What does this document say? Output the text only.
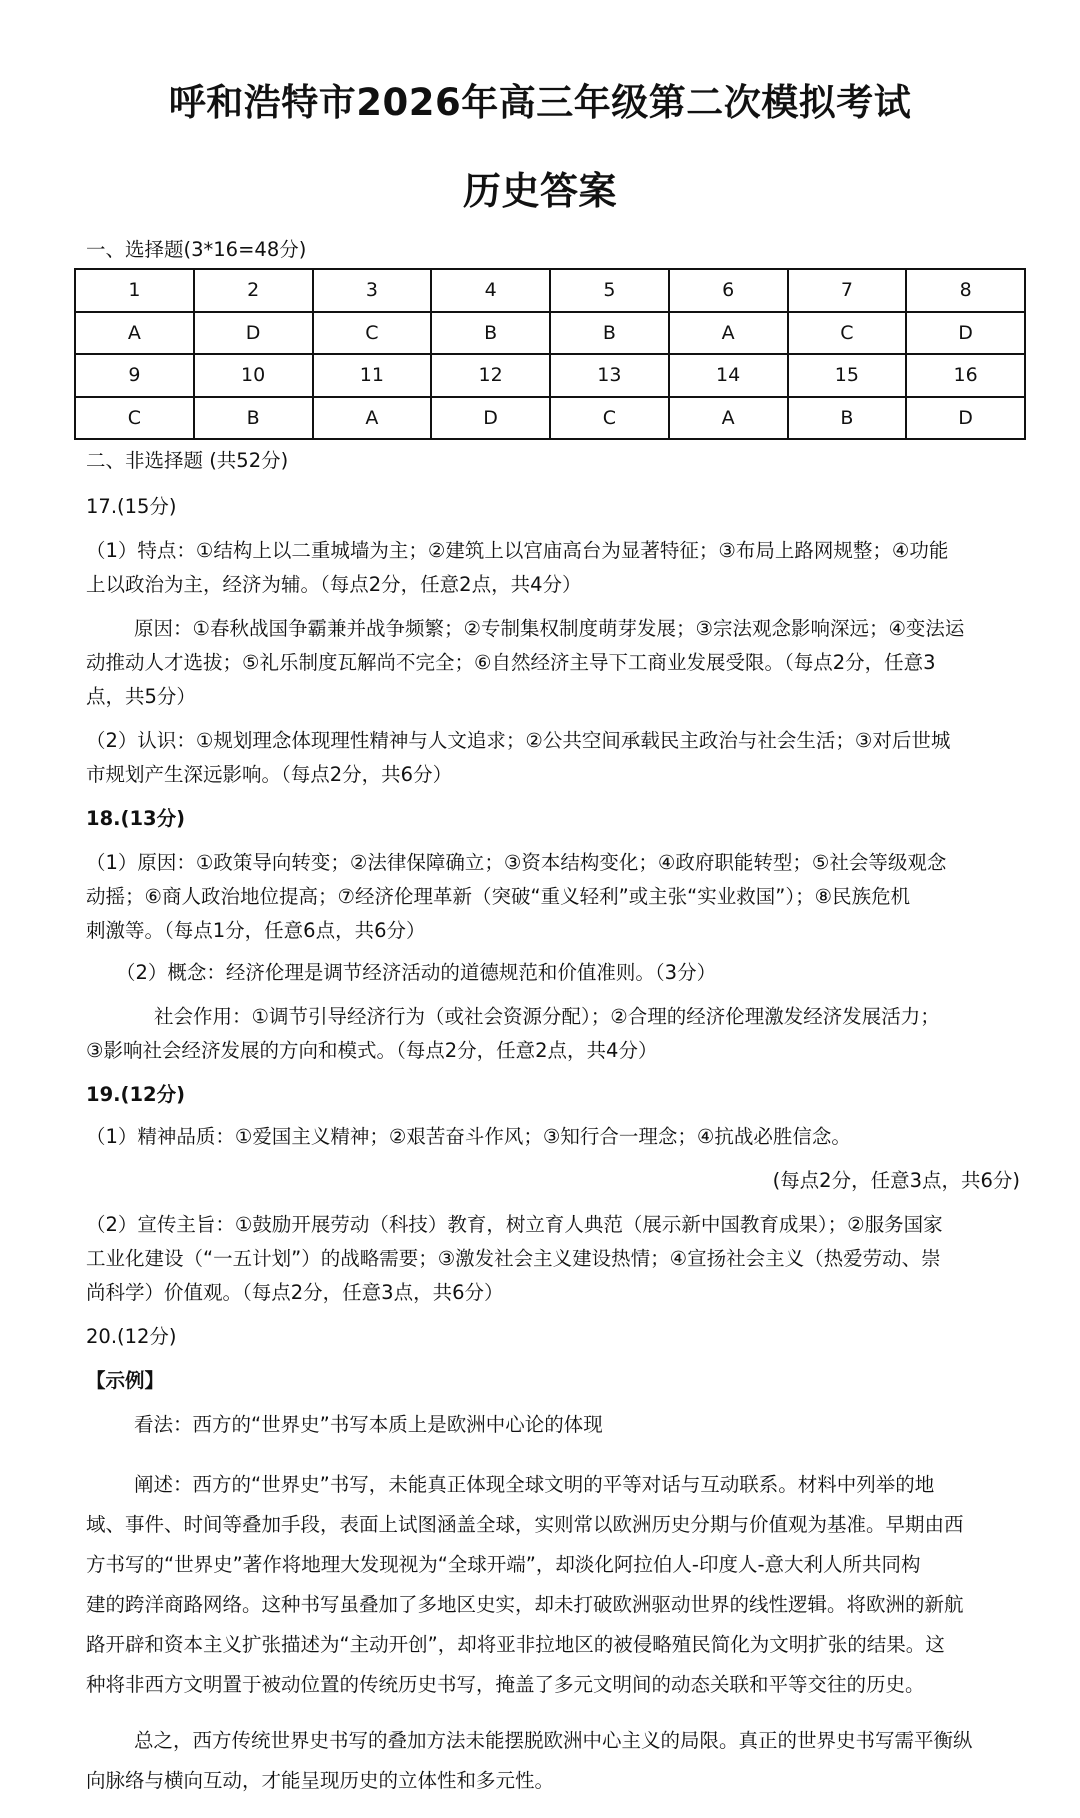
呼和浩特市2026年高三年级第二次模拟考试
历史答案
一、选择题(3*16=48分)
1	2	3	4	5	6	7	8
A	D	C	B	B	A	C	D
9	10	11	12	13	14	15	16
C	B	A	D	C	A	B	D
二、非选择题 (共52分)
17.(15分)
（1）特点：①结构上以二重城墙为主；②建筑上以宫庙高台为显著特征；③布局上路网规整；④功能
上以政治为主，经济为辅。（每点2分，任意2点，共4分）
原因：①春秋战国争霸兼并战争频繁；②专制集权制度萌芽发展；③宗法观念影响深远；④变法运
动推动人才选拔；⑤礼乐制度瓦解尚不完全；⑥自然经济主导下工商业发展受限。（每点2分，任意3
点，共5分）
（2）认识：①规划理念体现理性精神与人文追求；②公共空间承载民主政治与社会生活；③对后世城
市规划产生深远影响。（每点2分，共6分）
18.(13分)
（1）原因：①政策导向转变；②法律保障确立；③资本结构变化；④政府职能转型；⑤社会等级观念
动摇；⑥商人政治地位提高；⑦经济伦理革新（突破“重义轻利”或主张“实业救国”）；⑧民族危机
刺激等。（每点1分，任意6点，共6分）
（2）概念：经济伦理是调节经济活动的道德规范和价值准则。（3分）
社会作用：①调节引导经济行为（或社会资源分配）；②合理的经济伦理激发经济发展活力；
③影响社会经济发展的方向和模式。（每点2分，任意2点，共4分）
19.(12分)
（1）精神品质：①爱国主义精神；②艰苦奋斗作风；③知行合一理念；④抗战必胜信念。
(每点2分，任意3点，共6分)
（2）宣传主旨：①鼓励开展劳动（科技）教育，树立育人典范（展示新中国教育成果）；②服务国家
工业化建设（“一五计划”）的战略需要；③激发社会主义建设热情；④宣扬社会主义（热爱劳动、崇
尚科学）价值观。（每点2分，任意3点，共6分）
20.(12分)
【示例】
看法：西方的“世界史”书写本质上是欧洲中心论的体现
阐述：西方的“世界史”书写，未能真正体现全球文明的平等对话与互动联系。材料中列举的地
域、事件、时间等叠加手段，表面上试图涵盖全球，实则常以欧洲历史分期与价值观为基准。早期由西
方书写的“世界史”著作将地理大发现视为“全球开端”，却淡化阿拉伯人-印度人-意大利人所共同构
建的跨洋商路网络。这种书写虽叠加了多地区史实，却未打破欧洲驱动世界的线性逻辑。将欧洲的新航
路开辟和资本主义扩张描述为“主动开创”，却将亚非拉地区的被侵略殖民简化为文明扩张的结果。这
种将非西方文明置于被动位置的传统历史书写，掩盖了多元文明间的动态关联和平等交往的历史。
总之，西方传统世界史书写的叠加方法未能摆脱欧洲中心主义的局限。真正的世界史书写需平衡纵
向脉络与横向互动，才能呈现历史的立体性和多元性。
